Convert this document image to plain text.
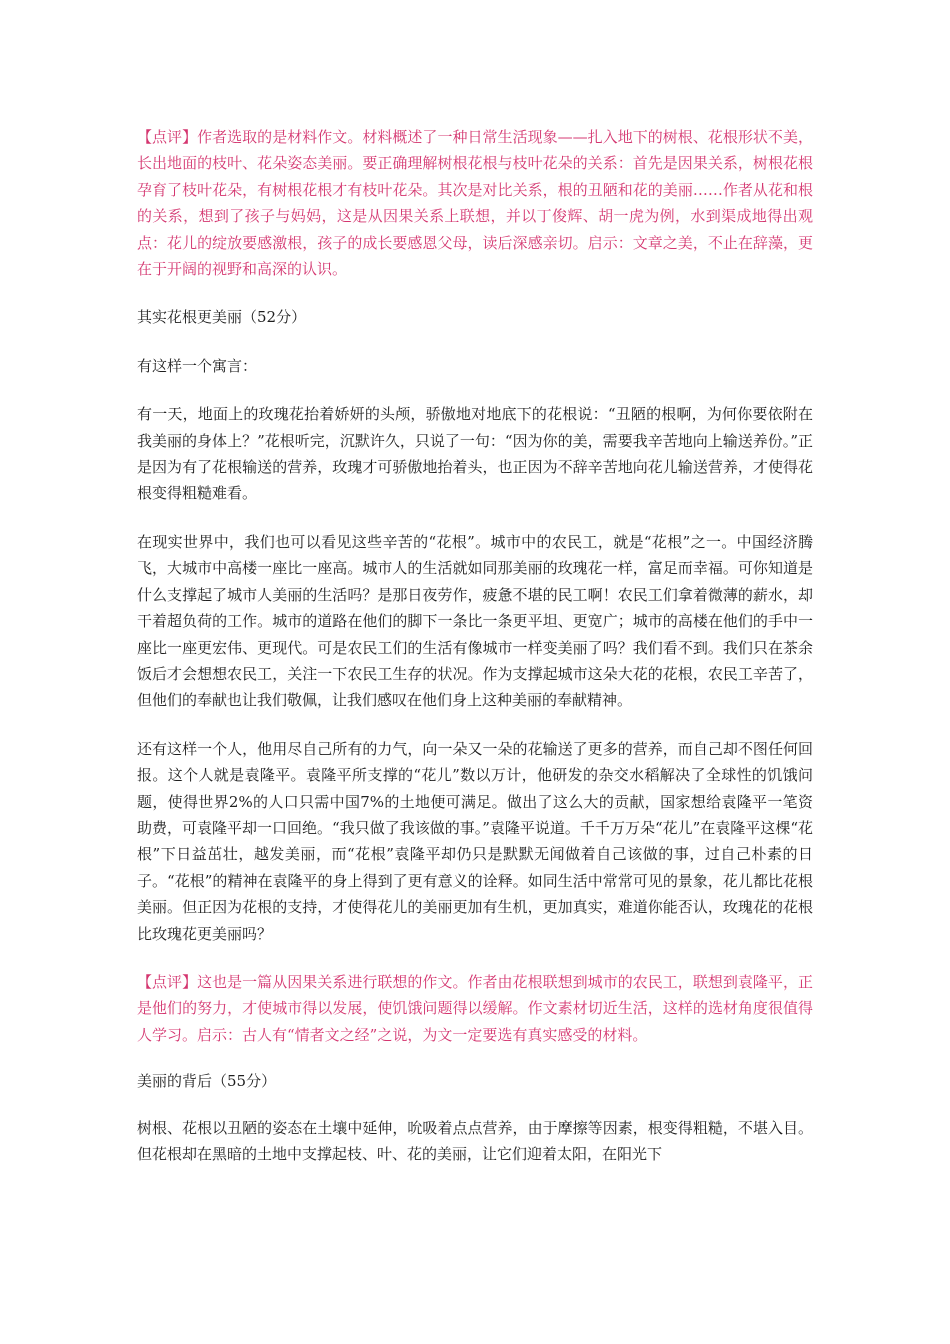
【点评】作者选取的是材料作文。材料概述了一种日常生活现象——扎入地下的树根、花根形状不美，长出地面的枝叶、花朵姿态美丽。要正确理解树根花根与枝叶花朵的关系：首先是因果关系，树根花根孕育了枝叶花朵，有树根花根才有枝叶花朵。其次是对比关系，根的丑陋和花的美丽……作者从花和根的关系，想到了孩子与妈妈，这是从因果关系上联想，并以丁俊辉、胡一虎为例，水到渠成地得出观点：花儿的绽放要感激根，孩子的成长要感恩父母，读后深感亲切。启示：文章之美，不止在辞藻，更在于开阔的视野和高深的认识。

其实花根更美丽（52分）

有这样一个寓言：

有一天，地面上的玫瑰花抬着娇妍的头颅，骄傲地对地底下的花根说：“丑陋的根啊，为何你要依附在我美丽的身体上？”花根听完，沉默许久，只说了一句：“因为你的美，需要我辛苦地向上输送养份。”正是因为有了花根输送的营养，玫瑰才可骄傲地抬着头，也正因为不辞辛苦地向花儿输送营养，才使得花根变得粗糙难看。

在现实世界中，我们也可以看见这些辛苦的“花根”。城市中的农民工，就是“花根”之一。中国经济腾飞，大城市中高楼一座比一座高。城市人的生活就如同那美丽的玫瑰花一样，富足而幸福。可你知道是什么支撑起了城市人美丽的生活吗？是那日夜劳作，疲惫不堪的民工啊！农民工们拿着微薄的薪水，却干着超负荷的工作。城市的道路在他们的脚下一条比一条更平坦、更宽广；城市的高楼在他们的手中一座比一座更宏伟、更现代。可是农民工们的生活有像城市一样变美丽了吗？我们看不到。我们只在茶余饭后才会想想农民工，关注一下农民工生存的状况。作为支撑起城市这朵大花的花根，农民工辛苦了，但他们的奉献也让我们敬佩，让我们感叹在他们身上这种美丽的奉献精神。

还有这样一个人，他用尽自己所有的力气，向一朵又一朵的花输送了更多的营养，而自己却不图任何回报。这个人就是袁隆平。袁隆平所支撑的“花儿”数以万计，他研发的杂交水稻解决了全球性的饥饿问题，使得世界2%的人口只需中国7%的土地便可满足。做出了这么大的贡献，国家想给袁隆平一笔资助费，可袁隆平却一口回绝。“我只做了我该做的事。”袁隆平说道。千千万万朵“花儿”在袁隆平这棵“花根”下日益茁壮，越发美丽，而“花根”袁隆平却仍只是默默无闻做着自己该做的事，过自己朴素的日子。“花根”的精神在袁隆平的身上得到了更有意义的诠释。如同生活中常常可见的景象，花儿都比花根美丽。但正因为花根的支持，才使得花儿的美丽更加有生机，更加真实，难道你能否认，玫瑰花的花根比玫瑰花更美丽吗？

【点评】这也是一篇从因果关系进行联想的作文。作者由花根联想到城市的农民工，联想到袁隆平，正是他们的努力，才使城市得以发展，使饥饿问题得以缓解。作文素材切近生活，这样的选材角度很值得人学习。启示：古人有“情者文之经”之说，为文一定要选有真实感受的材料。

美丽的背后（55分）

树根、花根以丑陋的姿态在土壤中延伸，吮吸着点点营养，由于摩擦等因素，根变得粗糙，不堪入目。但花根却在黑暗的土地中支撑起枝、叶、花的美丽，让它们迎着太阳，在阳光下
